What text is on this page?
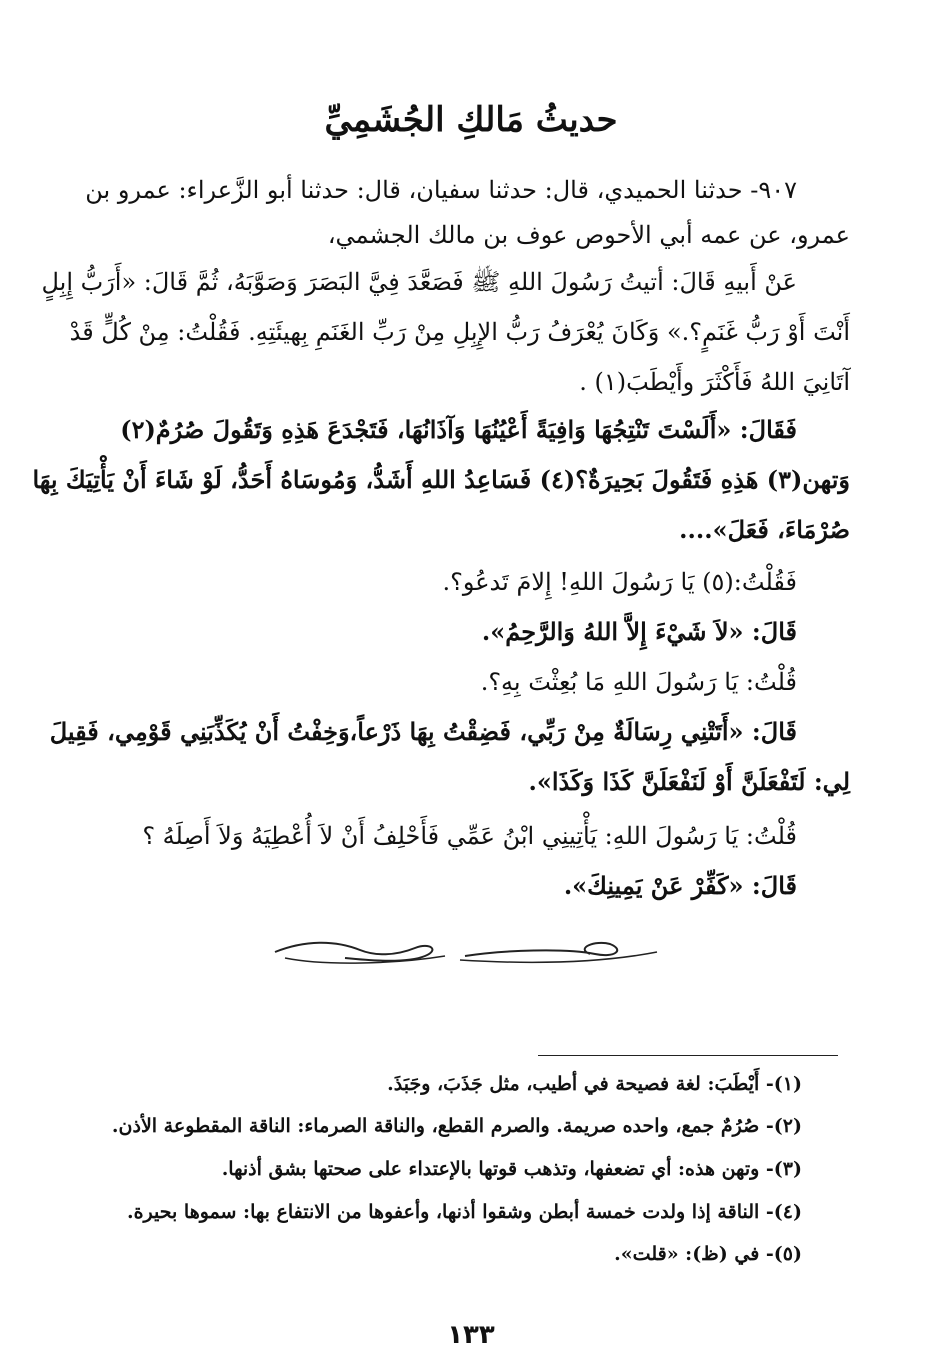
حديثُ مَالكِ الجُشَمِيِّ
٩٠٧- حدثنا الحميدي، قال: حدثنا سفيان، قال: حدثنا أبو الزَّعراء: عمرو بن
عمرو، عن عمه أبي الأحوص عوف بن مالك الجشمي،
عَنْ أَبيهِ قَالَ: أتيتُ رَسُولَ اللهِ ﷺ فَصَعَّدَ فِيَّ البَصَرَ وَصَوَّبَهُ، ثُمَّ قَالَ: «أَرَبُّ إِبِلٍ
أَنْتَ أَوْ رَبُّ غَنَمٍ؟.» وَكَانَ يُعْرَفُ رَبُّ الإِبِلِ مِنْ رَبِّ الغَنَمِ بِهيئَتِهِ. فَقُلْتُ: مِنْ كُلٍّ قَدْ
آتَانِيَ اللهُ فَأَكْثَرَ وأَيْطَبَ(١) .
فَقَالَ: «أَلَسْتَ تَنْتِجُهَا وَافِيَةً أَعْيُنُهَا وَآذَانُهَا، فَتَجْدَعَ هَذِهِ وَتَقُولَ صُرُمٌ(٢)
وَتهن(٣) هَذِهِ فَتَقُولَ بَحِيرَةٌ؟(٤) فَسَاعِدُ اللهِ أَشَدُّ، وَمُوسَاهُ أَحَدُّ، لَوْ شَاءَ أَنْ يَأْتِيَكَ بِهَا
صُرْمَاءَ، فَعَلَ»....
فَقُلْتُ:(٥) يَا رَسُولَ اللهِ! إِلامَ تَدعُو؟.
قَالَ: «لاَ شَيْءَ إِلاَّ اللهُ وَالرَّحِمُ».
قُلْتُ: يَا رَسُولَ اللهِ مَا بُعِثْتَ بِهِ؟.
قَالَ: «أَتَتْنِي رِسَالَةٌ مِنْ رَبِّي، فَضِقْتُ بِهَا ذَرْعاً،وَخِفْتُ أَنْ يُكَذِّبَنِي قَوْمِي، فَقِيلَ
لِي: لَتَفْعَلَنَّ أَوْ لَنَفْعَلَنَّ كَذَا وَكَذَا».
قُلْتُ: يَا رَسُولَ اللهِ: يَأْتِينِي ابْنُ عَمِّي فَأَحْلِفُ أَنْ لاَ أُعْطِيَهُ وَلاَ أَصِلَهُ ؟
قَالَ: «كَفِّرْ عَنْ يَمِينِكَ».
(١)- أَيْطَبَ: لغة فصيحة في أطيب، مثل جَذَبَ، وجَبَذَ.
(٢)- صُرُمٌ جمع، واحده صريمة. والصرم القطع، والناقة الصرماء: الناقة المقطوعة الأذن.
(٣)- وتهن هذه: أي تضعفها، وتذهب قوتها بالإعتداء على صحتها بشق أذنها.
(٤)- الناقة إذا ولدت خمسة أبطن وشقوا أذنها، وأعفوها من الانتفاع بها: سموها بحيرة.
(٥)- في (ظ): «قلت».
١٣٣
